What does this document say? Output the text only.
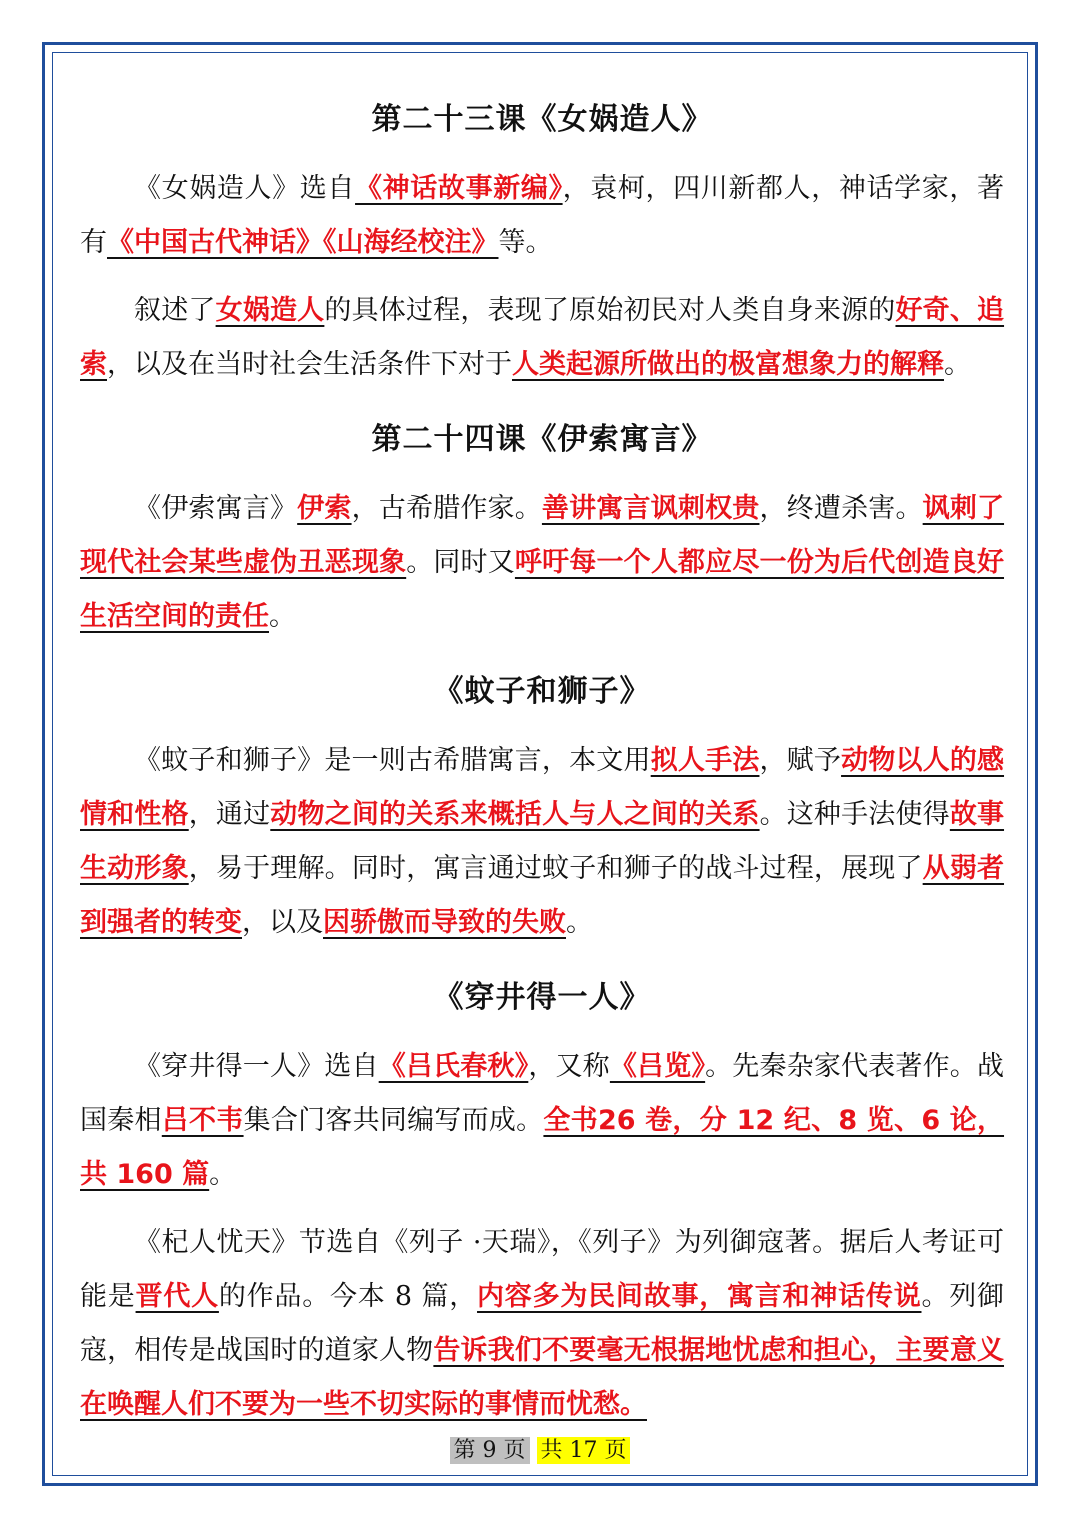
第二十三课《女娲造人》

《女娲造人》选自《神话故事新编》，袁柯，四川新都人，神话学家，著有《中国古代神话》《山海经校注》等。

叙述了女娲造人的具体过程，表现了原始初民对人类自身来源的好奇、追索，以及在当时社会生活条件下对于人类起源所做出的极富想象力的解释。

第二十四课《伊索寓言》

《伊索寓言》伊索，古希腊作家。善讲寓言讽刺权贵，终遭杀害。讽刺了现代社会某些虚伪丑恶现象。同时又呼吁每一个人都应尽一份为后代创造良好生活空间的责任。

《蚊子和狮子》

《蚊子和狮子》是一则古希腊寓言，本文用拟人手法，赋予动物以人的感情和性格，通过动物之间的关系来概括人与人之间的关系。这种手法使得故事生动形象，易于理解。同时，寓言通过蚊子和狮子的战斗过程，展现了从弱者到强者的转变，以及因骄傲而导致的失败。

《穿井得一人》

《穿井得一人》选自《吕氏春秋》，又称《吕览》。先秦杂家代表著作。战国秦相吕不韦集合门客共同编写而成。全书26 卷，分 12 纪、8 览、6 论，共 160 篇。

《杞人忧天》节选自《列子 ·天瑞》，《列子》为列御寇著。据后人考证可能是晋代人的作品。今本 8 篇，内容多为民间故事，寓言和神话传说。列御寇，相传是战国时的道家人物告诉我们不要毫无根据地忧虑和担心，主要意义在唤醒人们不要为一些不切实际的事情而忧愁。

第 9 页 共 17 页
